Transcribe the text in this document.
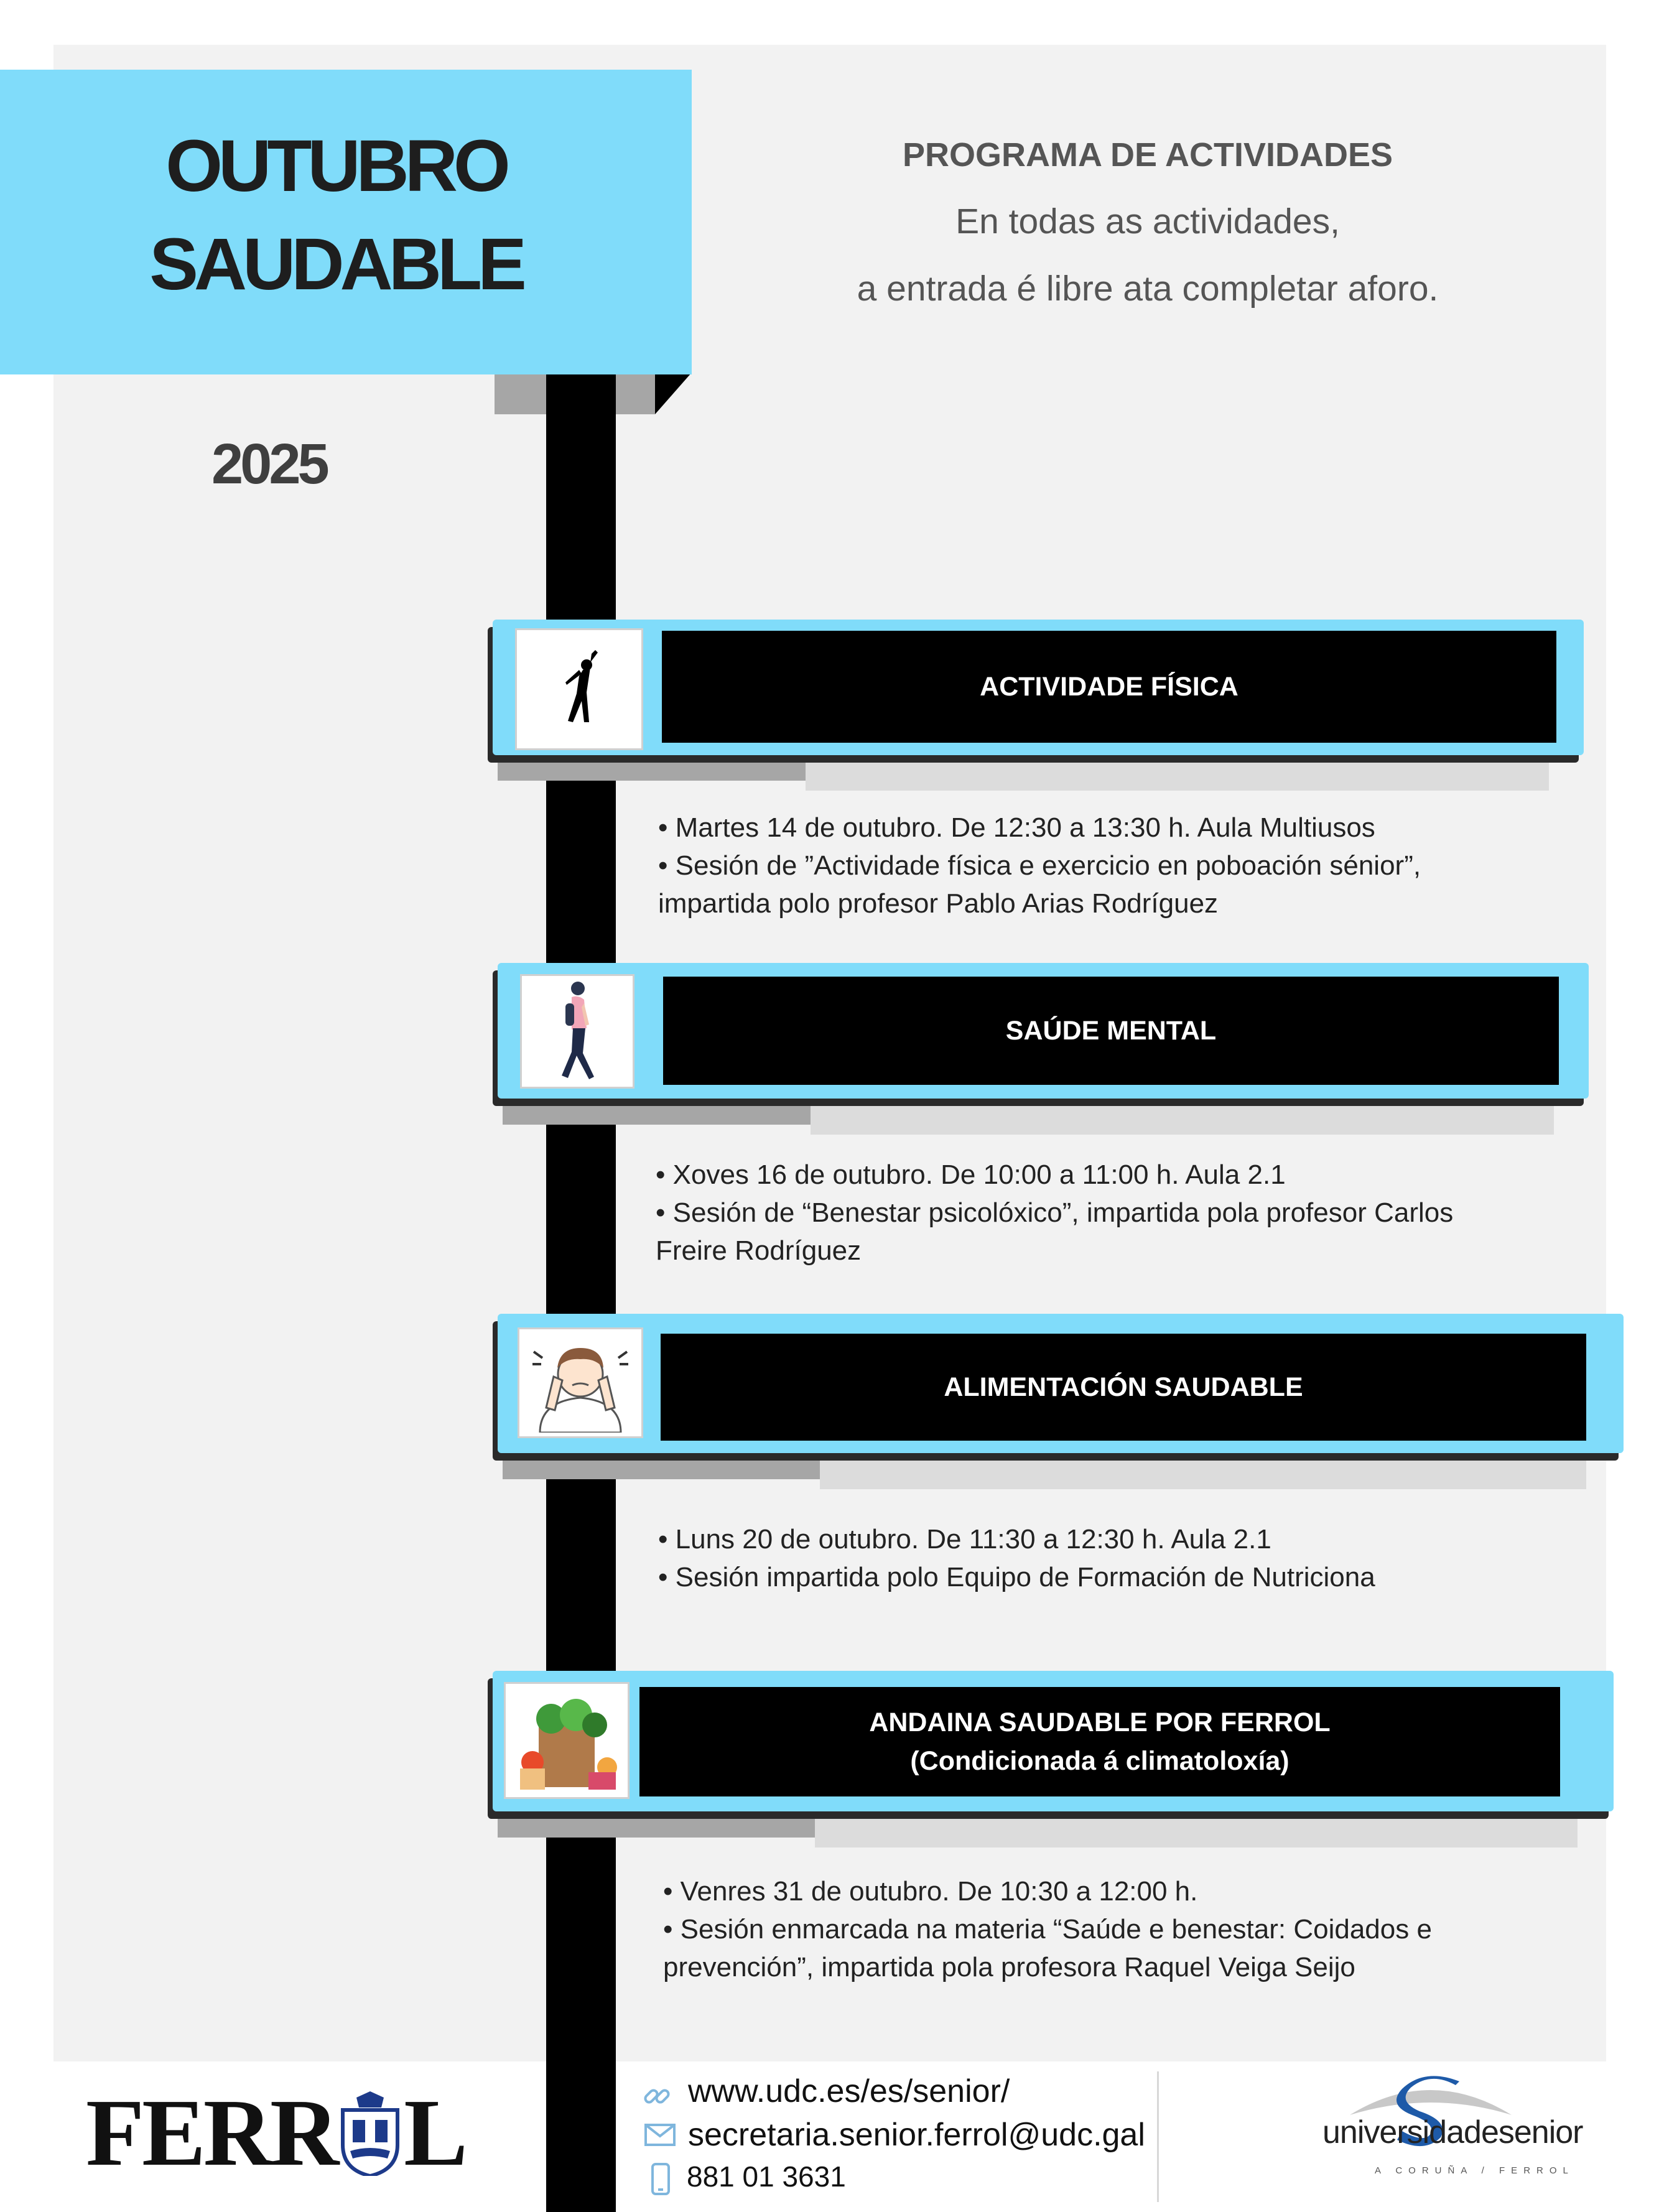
OUTUBRO
SAUDABLE
2025
PROGRAMA DE ACTIVIDADES
En todas as actividades,
a entrada é libre ata completar aforo.
ACTIVIDADE FÍSICA
• Martes 14 de outubro. De 12:30 a 13:30 h. Aula Multiusos
• Sesión de ”Actividade física e exercicio en poboación sénior”,
impartida polo profesor Pablo Arias Rodríguez
SAÚDE MENTAL
• Xoves 16 de outubro. De 10:00 a 11:00 h. Aula 2.1
• Sesión de “Benestar psicolóxico”, impartida pola profesor Carlos
Freire Rodríguez
ALIMENTACIÓN SAUDABLE
• Luns 20 de outubro. De 11:30 a 12:30 h. Aula 2.1
• Sesión impartida polo Equipo de Formación de Nutriciona
ANDAINA SAUDABLE POR FERROL
(Condicionada á climatoloxía)
• Venres 31 de outubro. De 10:30 a 12:00 h.
• Sesión enmarcada na materia “Saúde e benestar: Coidados e
prevención”, impartida pola profesora Raquel Veiga Seijo
FERR L	www.udc.es/es/senior/
secretaria.senior.ferrol@udc.gal
881 01 3631
universidadesenior
A CORUÑA / FERROL
